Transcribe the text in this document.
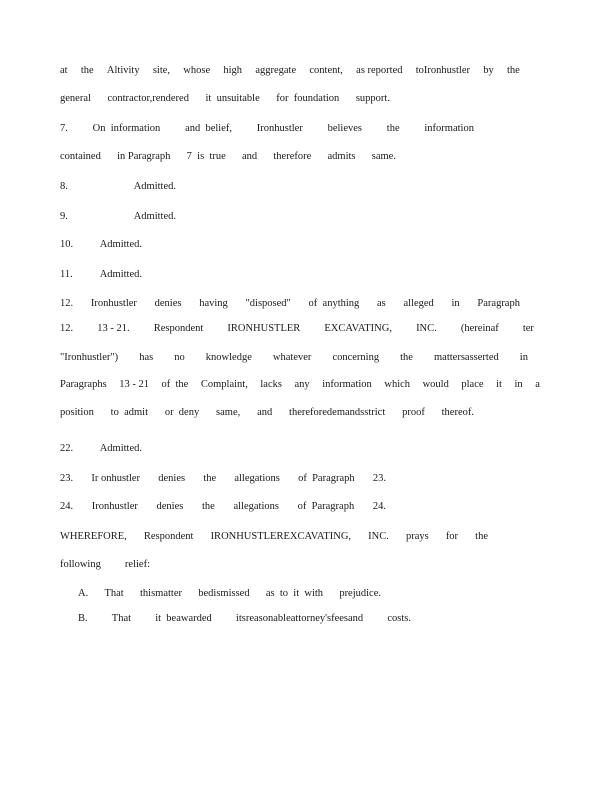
at the Altivity site, whose high aggregate content, as reported toIronhustler by the
general contractor,rendered it  unsuitable for  foundation support.
7. On  information and  belief, Ironhustler believes the information
contained in Paragraph 7  is  true and therefore admits same.
8.	Admitted.
9.	Admitted.
10.	Admitted.
11.	Admitted.
12. Ironhustler denies having "disposed" of  anything as alleged in Paragraph
12. 13 - 21. Respondent IRONHUSTLER EXCAVATING, INC. (hereinaf ter
"Ironhustler") has no knowledge whatever concerning the mattersasserted in
Paragraphs 13 - 21 of  the Complaint, lacks any information which would place it in a
position to  admit or  deny same, and thereforedemandsstrict proof thereof.
22.	Admitted.
23. Ir onhustler denies the allegations of  Paragraph 23.
24. Ironhustler denies the allegations of  Paragraph 24.
WHEREFORE, Respondent IRONHUSTLEREXCAVATING, INC. prays for the
following relief:
A. That thismatter bedismissed as  to  it  with prejudice.
B. That it  beawarded itsreasonableattorney'sfeesand costs.
